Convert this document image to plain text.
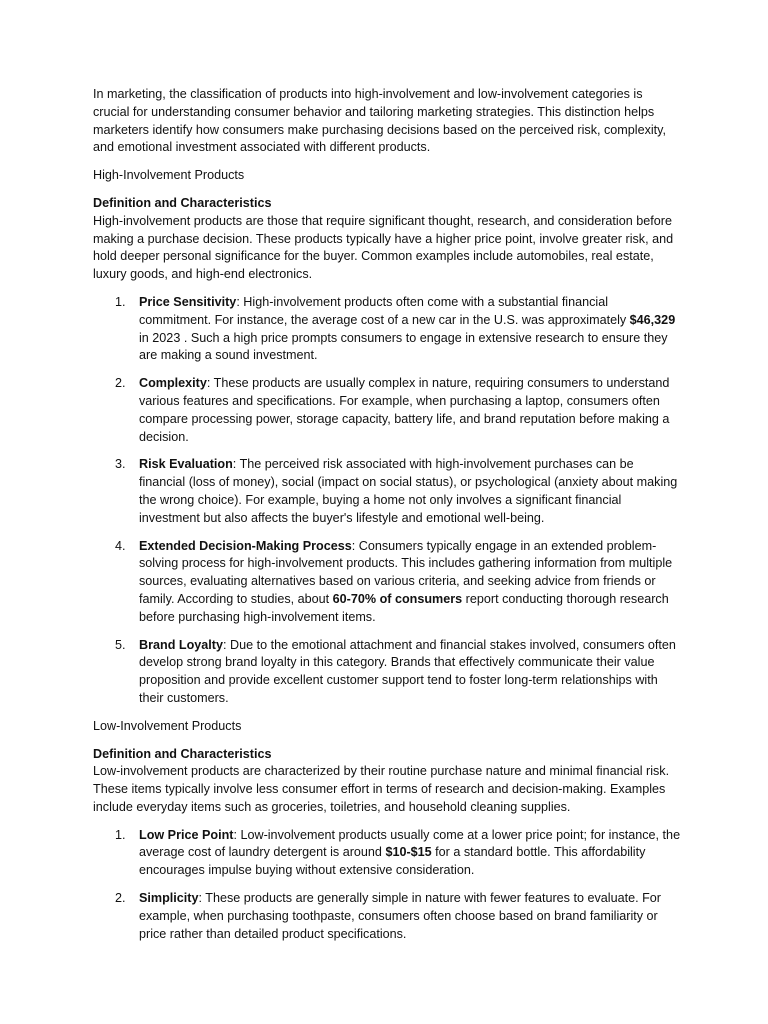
In marketing, the classification of products into high-involvement and low-involvement categories is crucial for understanding consumer behavior and tailoring marketing strategies. This distinction helps marketers identify how consumers make purchasing decisions based on the perceived risk, complexity, and emotional investment associated with different products.

High-Involvement Products

Definition and Characteristics

High-involvement products are those that require significant thought, research, and consideration before making a purchase decision. These products typically have a higher price point, involve greater risk, and hold deeper personal significance for the buyer. Common examples include automobiles, real estate, luxury goods, and high-end electronics.

1. Price Sensitivity: High-involvement products often come with a substantial financial commitment. For instance, the average cost of a new car in the U.S. was approximately $46,329 in 2023 . Such a high price prompts consumers to engage in extensive research to ensure they are making a sound investment.
2. Complexity: These products are usually complex in nature, requiring consumers to understand various features and specifications. For example, when purchasing a laptop, consumers often compare processing power, storage capacity, battery life, and brand reputation before making a decision.
3. Risk Evaluation: The perceived risk associated with high-involvement purchases can be financial (loss of money), social (impact on social status), or psychological (anxiety about making the wrong choice). For example, buying a home not only involves a significant financial investment but also affects the buyer's lifestyle and emotional well-being.
4. Extended Decision-Making Process: Consumers typically engage in an extended problem-solving process for high-involvement products. This includes gathering information from multiple sources, evaluating alternatives based on various criteria, and seeking advice from friends or family. According to studies, about 60-70% of consumers report conducting thorough research before purchasing high-involvement items.
5. Brand Loyalty: Due to the emotional attachment and financial stakes involved, consumers often develop strong brand loyalty in this category. Brands that effectively communicate their value proposition and provide excellent customer support tend to foster long-term relationships with their customers.

Low-Involvement Products

Definition and Characteristics

Low-involvement products are characterized by their routine purchase nature and minimal financial risk. These items typically involve less consumer effort in terms of research and decision-making. Examples include everyday items such as groceries, toiletries, and household cleaning supplies.

1. Low Price Point: Low-involvement products usually come at a lower price point; for instance, the average cost of laundry detergent is around $10-$15 for a standard bottle. This affordability encourages impulse buying without extensive consideration.
2. Simplicity: These products are generally simple in nature with fewer features to evaluate. For example, when purchasing toothpaste, consumers often choose based on brand familiarity or price rather than detailed product specifications.
